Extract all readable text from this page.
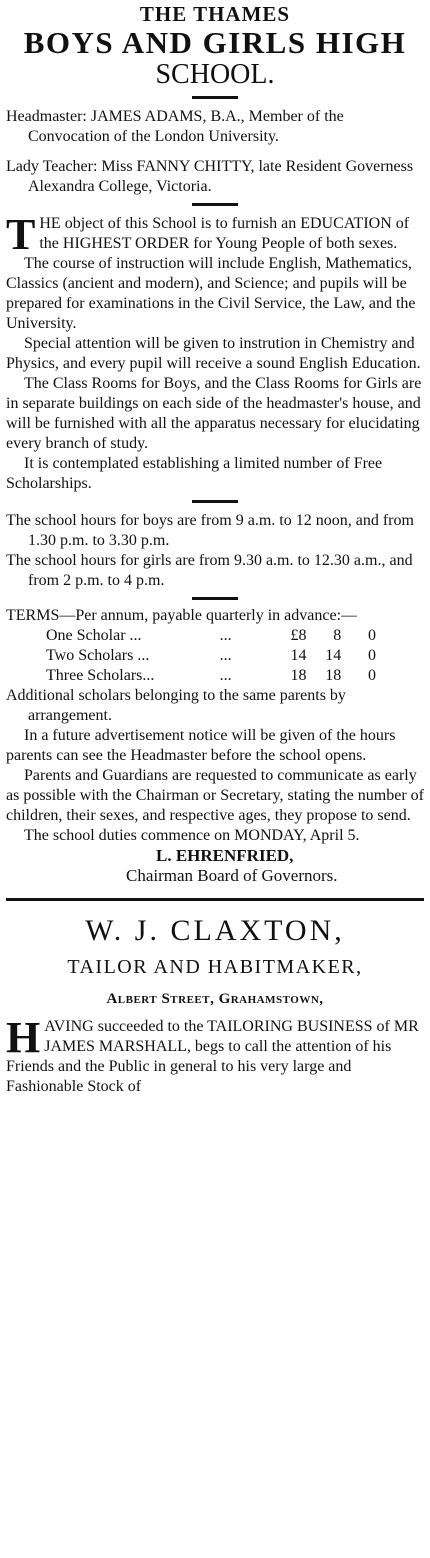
THE THAMES
BOYS AND GIRLS HIGH
SCHOOL.

Headmaster: JAMES ADAMS, B.A., Member of the Convocation of the London University.

Lady Teacher: Miss FANNY CHITTY, late Resident Governess Alexandra College, Victoria.

T HE object of this School is to furnish an EDUCATION of the HIGHEST ORDER for Young People of both sexes.

The course of instruction will include English, Mathematics, Classics (ancient and modern), and Science; and pupils will be prepared for examinations in the Civil Service, the Law, and the University.

Special attention will be given to instrution in Chemistry and Physics, and every pupil will receive a sound English Education.

The Class Rooms for Boys, and the Class Rooms for Girls are in separate buildings on each side of the headmaster's house, and will be furnished with all the apparatus necessary for elucidating every branch of study.

It is contemplated establishing a limited number of Free Scholarships.

The school hours for boys are from 9 a.m. to 12 noon, and from 1.30 p.m. to 3.30 p.m.

The school hours for girls are from 9.30 a.m. to 12.30 a.m., and from 2 p.m. to 4 p.m.

TERMS—Per annum, payable quarterly in advance:—

One Scholar ...	...	£8	8	0
Two Scholars ...	...	14	14	0
Three Scholars...	...	18	18	0

Additional scholars belonging to the same parents by arrangement.

In a future advertisement notice will be given of the hours parents can see the Headmaster before the school opens.

Parents and Guardians are requested to communicate as early as possible with the Chairman or Secretary, stating the number of children, their sexes, and respective ages, they propose to send.

The school duties commence on MONDAY, April 5.

L. EHRENFRIED,
Chairman Board of Governors.
W. J. CLAXTON,
TAILOR AND HABITMAKER,
Albert Street, Grahamstown,
H AVING succeeded to the TAILORING BUSINESS of MR JAMES MARSHALL, begs to call the attention of his Friends and the Public in general to his very large and Fashionable Stock of
